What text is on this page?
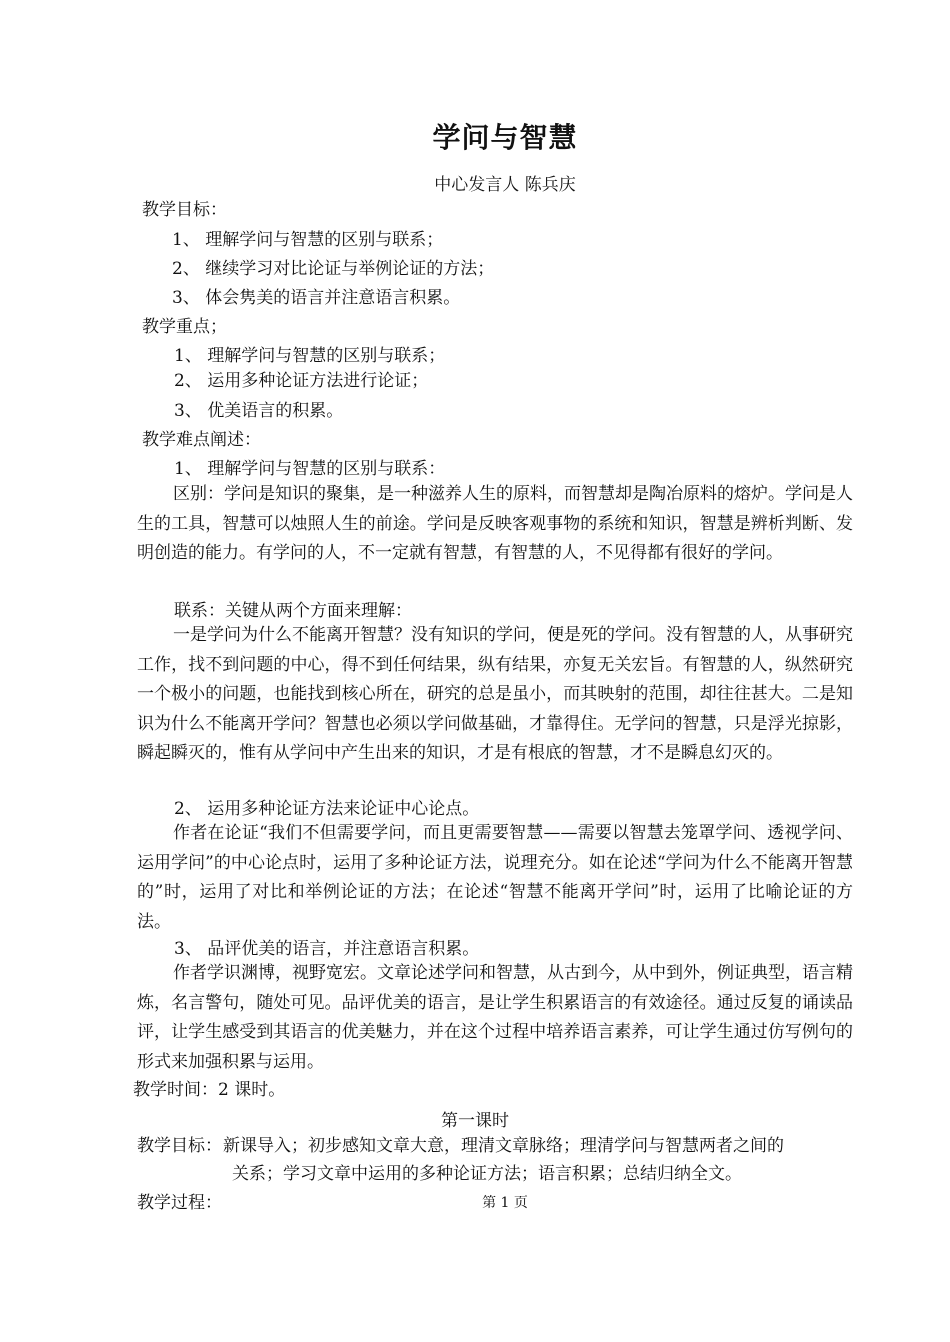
学问与智慧
中心发言人 陈兵庆
教学目标：
1、 理解学问与智慧的区别与联系；
2、 继续学习对比论证与举例论证的方法；
3、 体会隽美的语言并注意语言积累。
教学重点；
1、 理解学问与智慧的区别与联系；
2、 运用多种论证方法进行论证；
3、 优美语言的积累。
教学难点阐述：
1、 理解学问与智慧的区别与联系：
区别：学问是知识的聚集，是一种滋养人生的原料，而智慧却是陶冶原料的熔炉。学问是人生的工具，智慧可以烛照人生的前途。学问是反映客观事物的系统和知识，智慧是辨析判断、发明创造的能力。有学问的人，不一定就有智慧，有智慧的人，不见得都有很好的学问。
联系：关键从两个方面来理解：
一是学问为什么不能离开智慧？没有知识的学问，便是死的学问。没有智慧的人，从事研究工作，找不到问题的中心，得不到任何结果，纵有结果，亦复无关宏旨。有智慧的人，纵然研究一个极小的问题，也能找到核心所在，研究的总是虽小，而其映射的范围，却往往甚大。二是知识为什么不能离开学问？智慧也必须以学问做基础，才靠得住。无学问的智慧，只是浮光掠影，瞬起瞬灭的，惟有从学问中产生出来的知识，才是有根底的智慧，才不是瞬息幻灭的。
2、 运用多种论证方法来论证中心论点。
作者在论证“我们不但需要学问，而且更需要智慧——需要以智慧去笼罩学问、透视学问、运用学问”的中心论点时，运用了多种论证方法，说理充分。如在论述“学问为什么不能离开智慧的”时，运用了对比和举例论证的方法；在论述“智慧不能离开学问”时，运用了比喻论证的方法。
3、 品评优美的语言，并注意语言积累。
作者学识渊博，视野宽宏。文章论述学问和智慧，从古到今，从中到外，例证典型，语言精炼，名言警句，随处可见。品评优美的语言，是让学生积累语言的有效途径。通过反复的诵读品评，让学生感受到其语言的优美魅力，并在这个过程中培养语言素养，可让学生通过仿写例句的形式来加强积累与运用。
教学时间：2 课时。
第一课时
教学目标： 新课导入；初步感知文章大意，理清文章脉络；理清学问与智慧两者之间的
关系；学习文章中运用的多种论证方法；语言积累；总结归纳全文。
教学过程：	第 1 页
